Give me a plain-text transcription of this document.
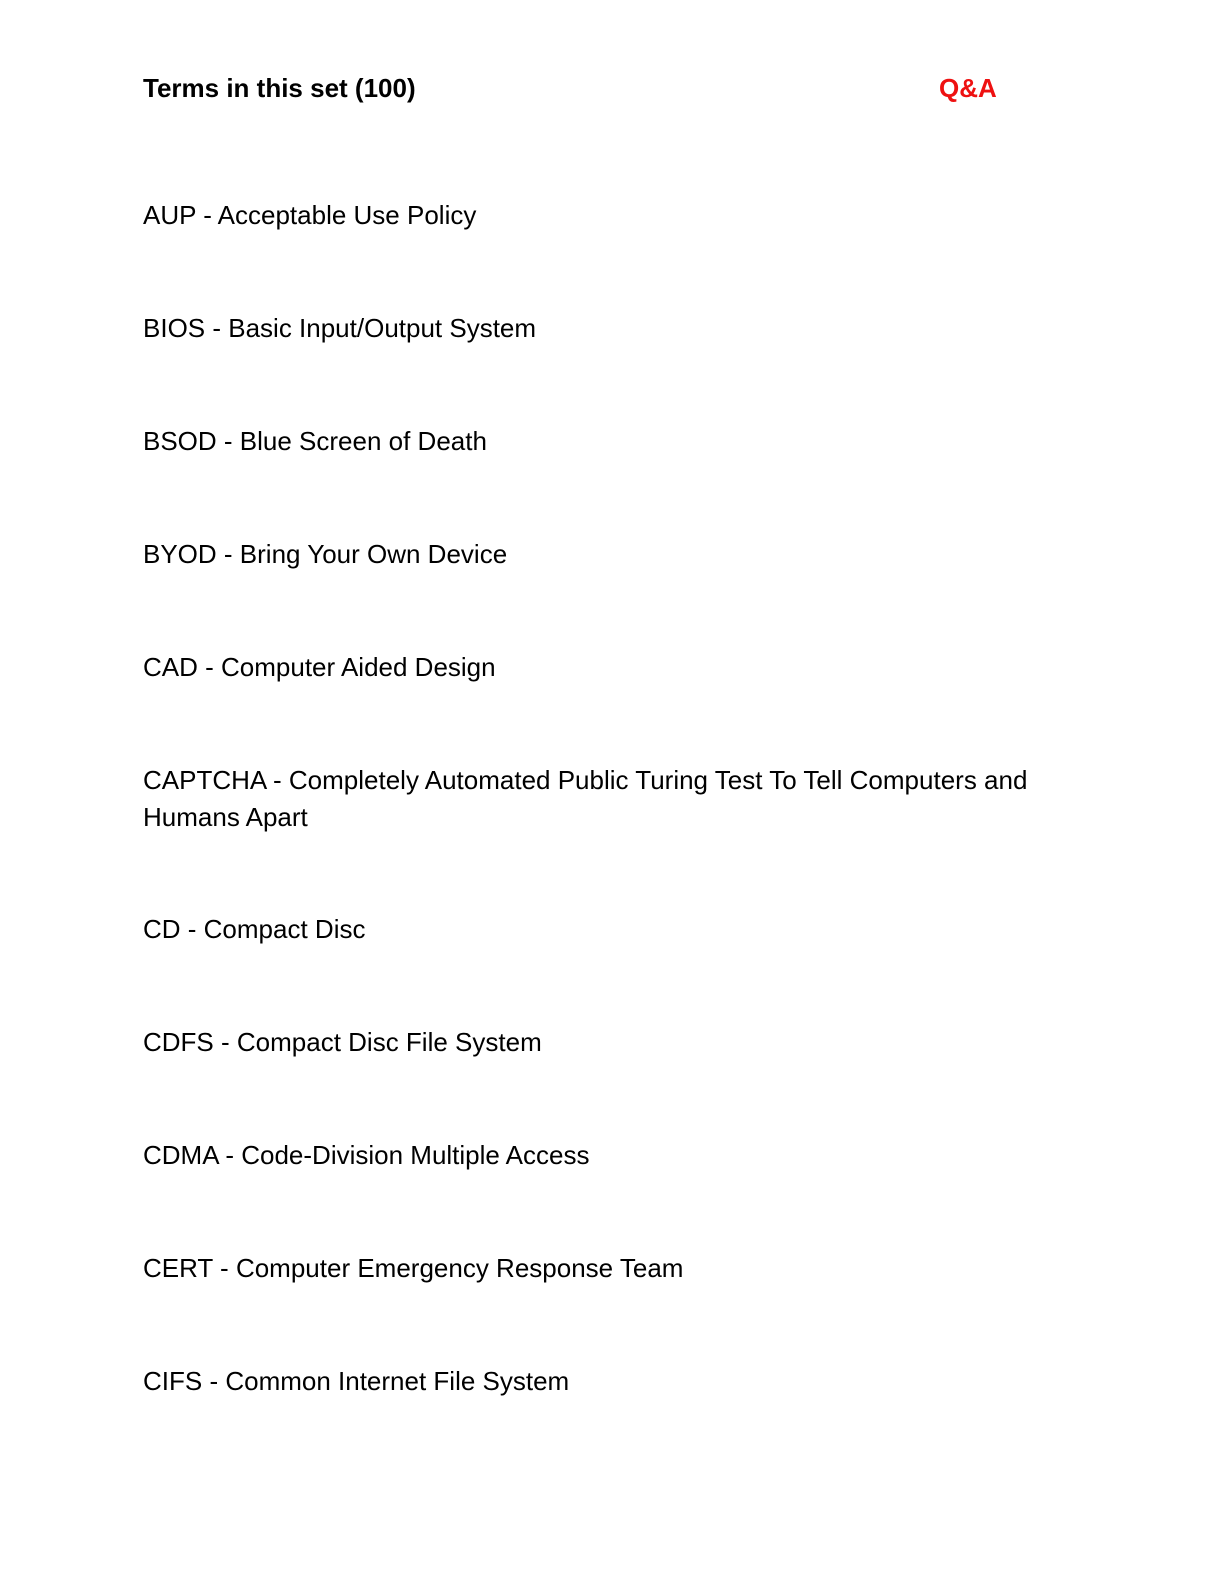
Terms in this set (100)	Q&A
AUP - Acceptable Use Policy
BIOS - Basic Input/Output System
BSOD - Blue Screen of Death
BYOD - Bring Your Own Device
CAD - Computer Aided Design
CAPTCHA - Completely Automated Public Turing Test To Tell Computers and Humans Apart
CD - Compact Disc
CDFS - Compact Disc File System
CDMA - Code-Division Multiple Access
CERT - Computer Emergency Response Team
CIFS - Common Internet File System
